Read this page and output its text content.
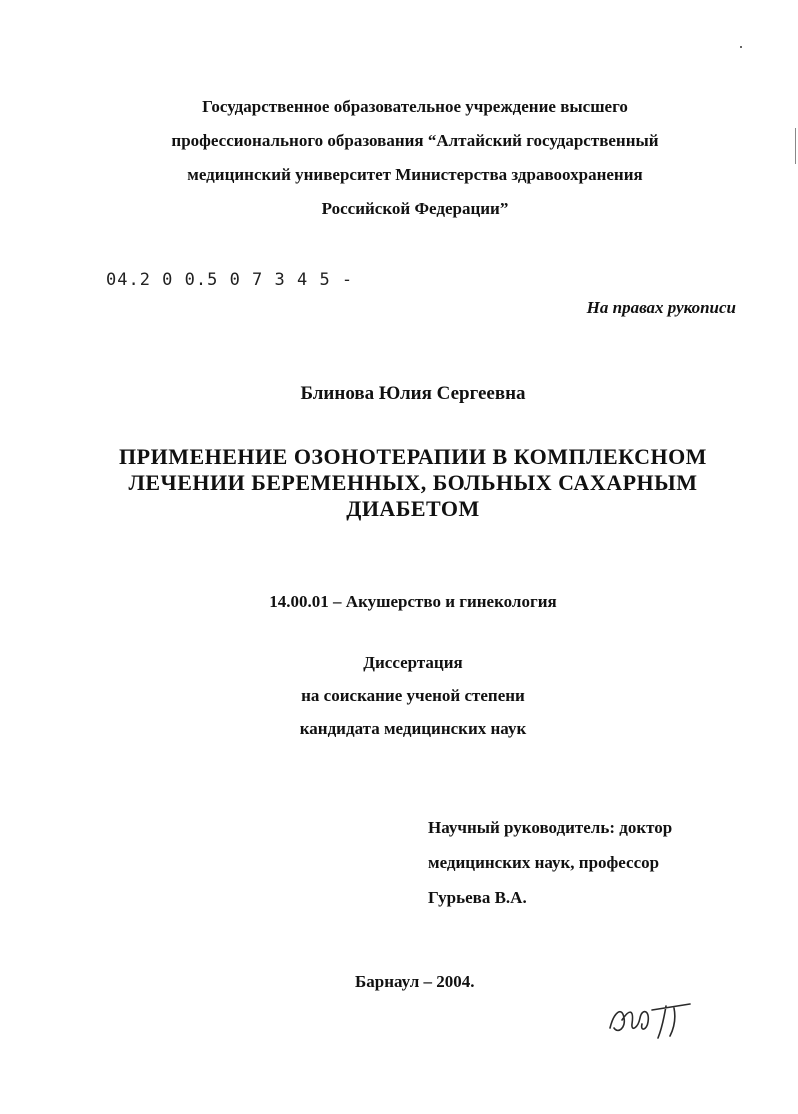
Государственное образовательное учреждение высшего
профессионального образования “Алтайский государственный
медицинский университет Министерства здравоохранения
Российской Федерации”
04.2 0 0.5 0 7 3 4 5 -
На правах рукописи
Блинова Юлия Сергеевна
ПРИМЕНЕНИЕ ОЗОНОТЕРАПИИ В КОМПЛЕКСНОМ
ЛЕЧЕНИИ БЕРЕМЕННЫХ, БОЛЬНЫХ САХАРНЫМ
ДИАБЕТОМ
14.00.01 – Акушерство и гинекология
Диссертация
на соискание ученой степени
кандидата медицинских наук
Научный руководитель: доктор
медицинских наук, профессор
Гурьева В.А.
Барнаул – 2004.
